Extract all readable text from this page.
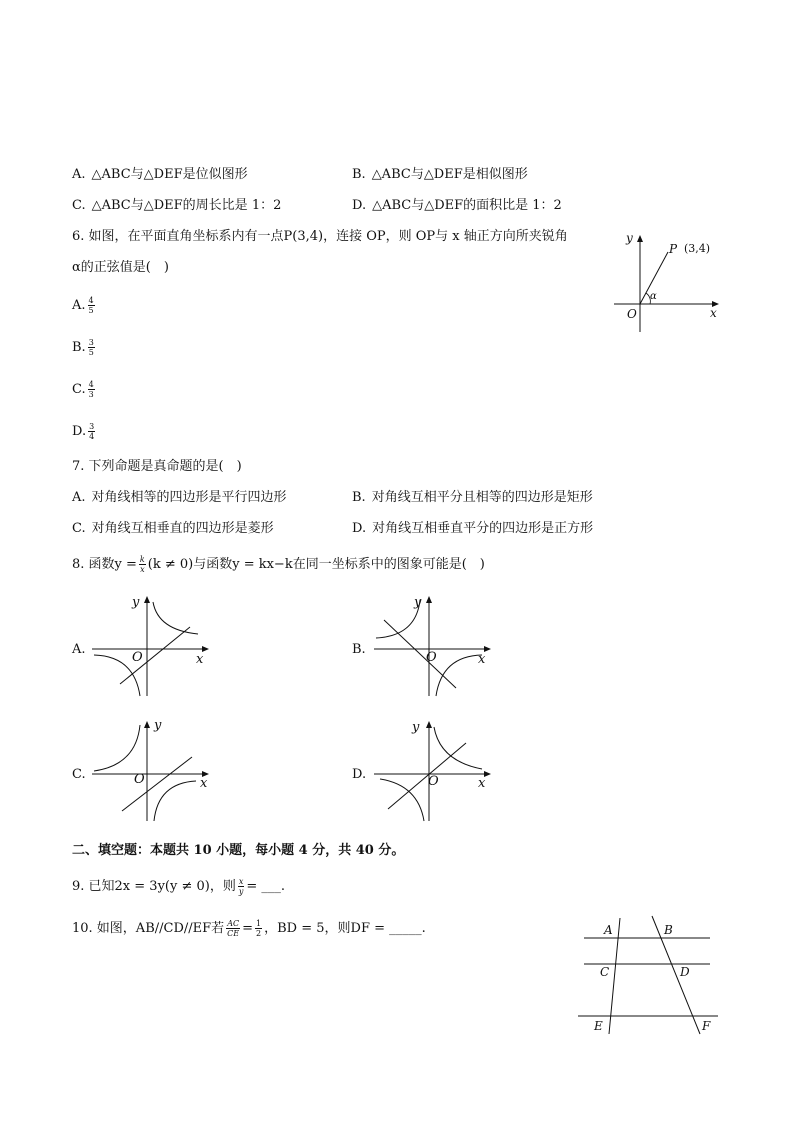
A. △ABC与△DEF是位似图形	B. △ABC与△DEF是相似图形
C. △ABC与△DEF的周长比是 1：2	D. △ABC与△DEF的面积比是 1：2
6. 如图，在平面直角坐标系内有一点P(3,4)，连接 OP，则 OP与 x 轴正方向所夹锐角
α的正弦值是(　)
A. $\frac{4}{5}$
B. $\frac{3}{5}$
C. $\frac{4}{3}$
D. $\frac{3}{4}$
y
x
O
P (3,4)
α
7. 下列命题是真命题的是(　)
A. 对角线相等的四边形是平行四边形	B. 对角线互相平分且相等的四边形是矩形
C. 对角线互相垂直的四边形是菱形	D. 对角线互相垂直平分的四边形是正方形
8. 函数$y = \frac{k}{x} (k \ne 0)$与函数y = kx−k在同一坐标系中的图象可能是(　)
A.
y
x
O
B.
y
x
O
C.
y
x
O	D.
y
x
O
二、填空题：本题共 10 小题，每小题 4 分，共 40 分。
9. 已知2x = 3y(y ≠ 0)，则 $\frac{x}{y}$ = ___.
10. 如图，AB//CD//EF若 $\frac{AC}{CE} = \frac{1}{2}$ ，BD = 5，则DF = _____.	A	B
C	D
E	F
